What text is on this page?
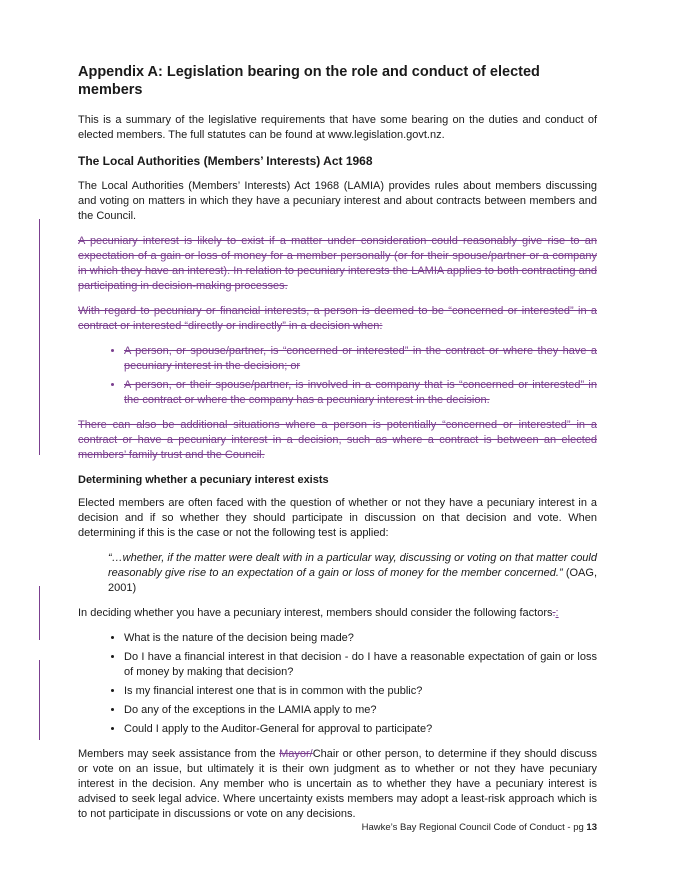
Appendix A: Legislation bearing on the role and conduct of elected members

This is a summary of the legislative requirements that have some bearing on the duties and conduct of elected members. The full statutes can be found at www.legislation.govt.nz.

The Local Authorities (Members’ Interests) Act 1968

The Local Authorities (Members’ Interests) Act 1968 (LAMIA) provides rules about members discussing and voting on matters in which they have a pecuniary interest and about contracts between members and the Council.

A pecuniary interest is likely to exist if a matter under consideration could reasonably give rise to an expectation of a gain or loss of money for a member personally (or for their spouse/partner or a company in which they have an interest). In relation to pecuniary interests the LAMIA applies to both contracting and participating in decision-making processes.

With regard to pecuniary or financial interests, a person is deemed to be “concerned or interested” in a contract or interested “directly or indirectly” in a decision when:

• A person, or spouse/partner, is “concerned or interested” in the contract or where they have a pecuniary interest in the decision; or
• A person, or their spouse/partner, is involved in a company that is “concerned or interested” in the contract or where the company has a pecuniary interest in the decision.

There can also be additional situations where a person is potentially “concerned or interested” in a contract or have a pecuniary interest in a decision, such as where a contract is between an elected members’ family trust and the Council.

Determining whether a pecuniary interest exists

Elected members are often faced with the question of whether or not they have a pecuniary interest in a decision and if so whether they should participate in discussion on that decision and vote. When determining if this is the case or not the following test is applied:

“…whether, if the matter were dealt with in a particular way, discussing or voting on that matter could reasonably give rise to an expectation of a gain or loss of money for the member concerned.” (OAG, 2001)

In deciding whether you have a pecuniary interest, members should consider the following factors.:

• What is the nature of the decision being made?
• Do I have a financial interest in that decision - do I have a reasonable expectation of gain or loss of money by making that decision?
• Is my financial interest one that is in common with the public?
• Do any of the exceptions in the LAMIA apply to me?
• Could I apply to the Auditor-General for approval to participate?

Members may seek assistance from the Mayor/Chair or other person, to determine if they should discuss or vote on an issue, but ultimately it is their own judgment as to whether or not they have pecuniary interest in the decision. Any member who is uncertain as to whether they have a pecuniary interest is advised to seek legal advice. Where uncertainty exists members may adopt a least-risk approach which is to not participate in discussions or vote on any decisions.

Hawke’s Bay Regional Council Code of Conduct - pg 13
